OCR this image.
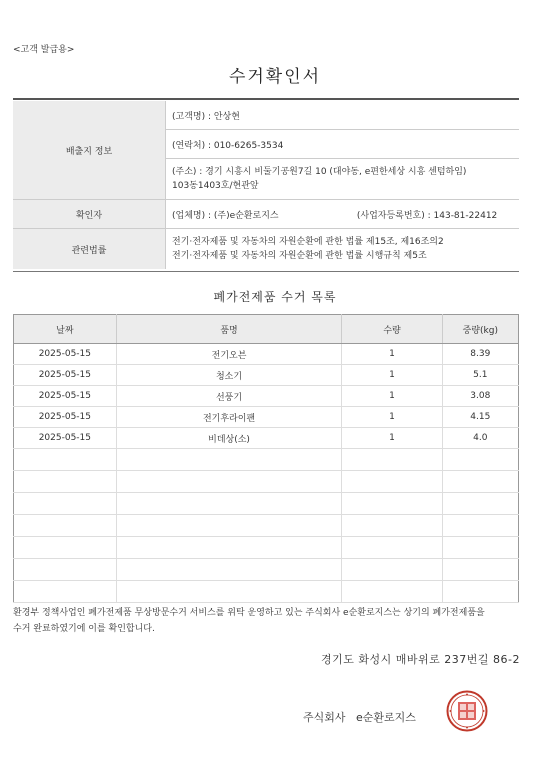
<고객 발급용>
수거확인서
배출지 정보	(고객명) : 안상현
	(연락처) : 010-6265-3534

	(주소) : 경기 시흥시 비둘기공원7길 10 (대야동, e편한세상 시흥 센텀하임)
103동1403호/현관앞

확인자	(업체명) : (주)e순환로지스 (사업자등록번호) : 143-81-22412
관련법률	전기·전자제품 및 자동차의 자원순환에 관한 법률 제15조, 제16조의2
전기·전자제품 및 자동차의 자원순환에 관한 법률 시행규칙 제5조
폐가전제품 수거 목록
날짜	품명	수량	중량(kg)
2025-05-15	전기오븐	1	8.39
2025-05-15	청소기	1	5.1
2025-05-15	선풍기	1	3.08
2025-05-15	전기후라이팬	1	4.15
2025-05-15	비데상(소)	1	4.0

환경부 정책사업인 폐가전제품 무상방문수거 서비스를 위탁 운영하고 있는 주식회사 e순환로지스는 상기의 폐가전제품을
수거 완료하였기에 이를 확인합니다.
경기도 화성시 매바위로 237번길 86-2
주식회사   e순환로지스
